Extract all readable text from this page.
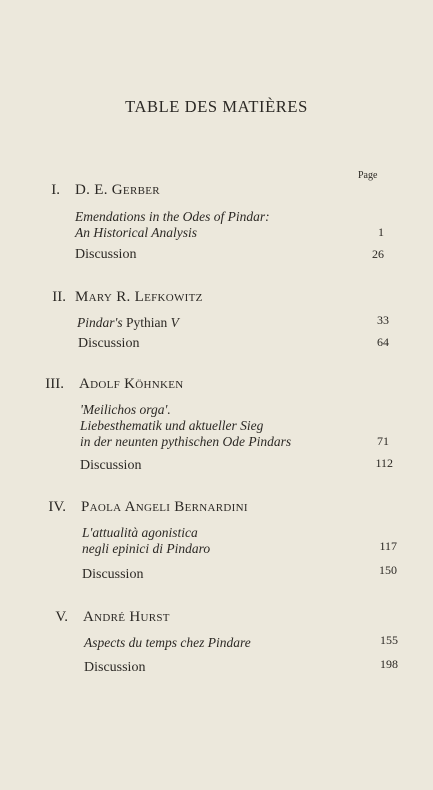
TABLE DES MATIÈRES
Page
I. D. E. Gerber
Emendations in the Odes of Pindar:
An Historical Analysis	1
Discussion	26
II. Mary R. Lefkowitz
Pindar's Pythian V	33
Discussion	64
III. Adolf Köhnken
'Meilichos orga'.
Liebesthematik und aktueller Sieg
in der neunten pythischen Ode Pindars	71
Discussion	112
IV. Paola Angeli Bernardini
L'attualità agonistica
negli epinici di Pindaro	117
Discussion	150
V. André Hurst
Aspects du temps chez Pindare	155
Discussion	198
